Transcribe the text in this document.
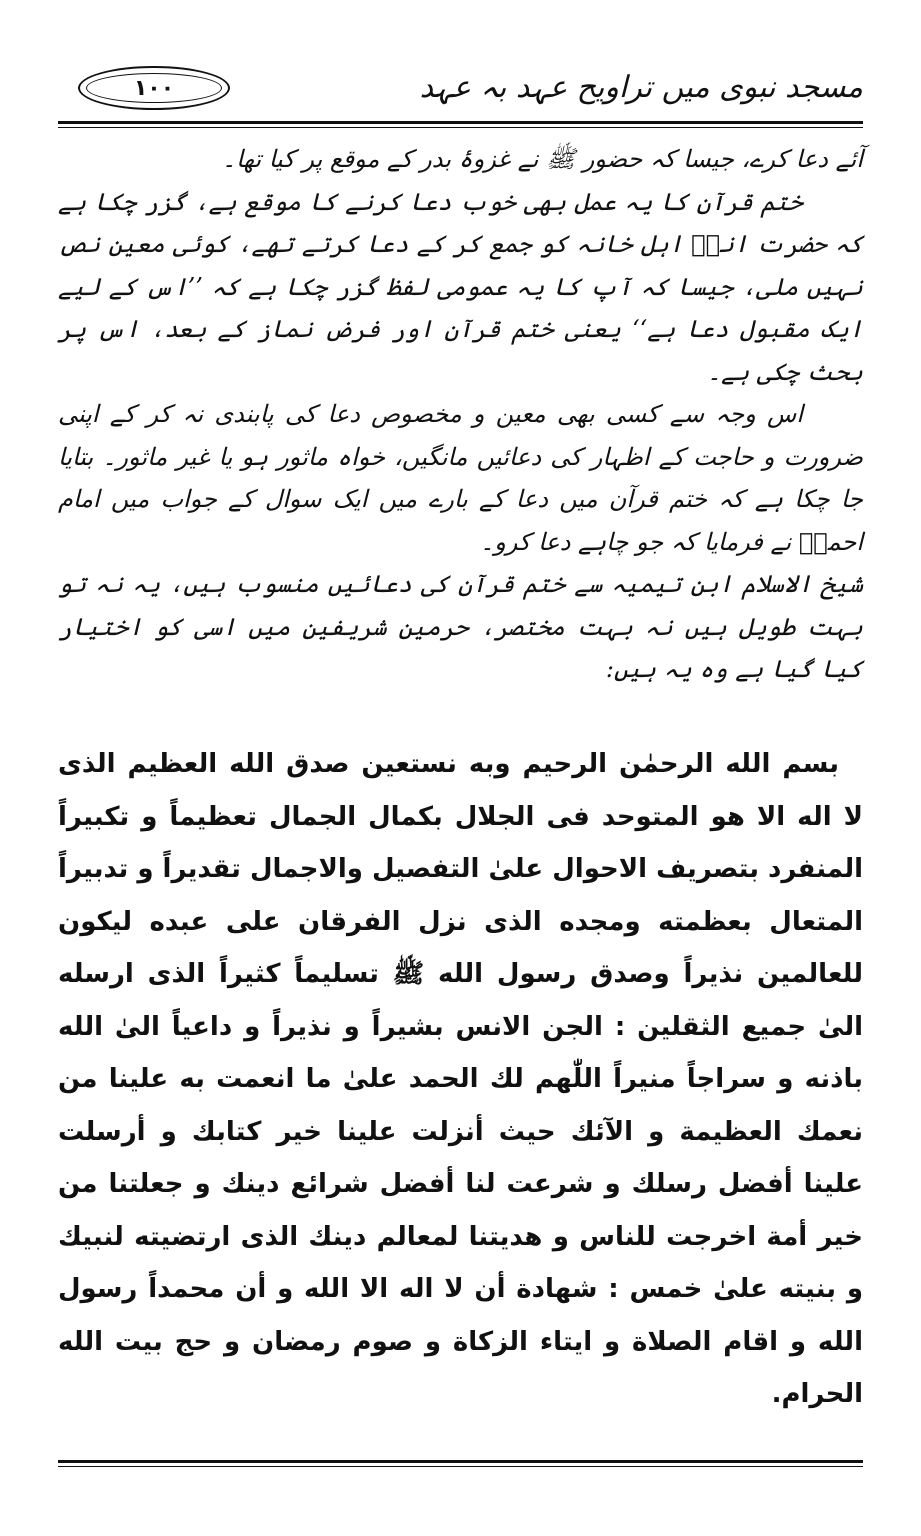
مسجد نبوی میں تراویح عہد بہ عہد
۱۰۰

آئے دعا کرے، جیسا کہ حضور ﷺ نے غزوۂ بدر کے موقع پر کیا تھا۔

ختم قرآن کا یہ عمل بھی خوب دعا کرنے کا موقع ہے، گزر چکا ہے کہ حضرت انسؓ اہل خانہ کو جمع کر کے دعا کرتے تھے، کوئی معین نص نہیں ملی، جیسا کہ آپ کا یہ عمومی لفظ گزر چکا ہے کہ ’’اس کے لیے ایک مقبول دعا ہے‘‘ یعنی ختم قرآن اور فرض نماز کے بعد، اس پر بحث چکی ہے۔

اس وجہ سے کسی بھی معین و مخصوص دعا کی پابندی نہ کر کے اپنی ضرورت و حاجت کے اظہار کی دعائیں مانگیں، خواہ ماثور ہو یا غیر ماثور۔ بتایا جا چکا ہے کہ ختم قرآن میں دعا کے بارے میں ایک سوال کے جواب میں امام احمدؒ نے فرمایا کہ جو چاہے دعا کرو۔

شیخ الاسلام ابن تیمیہ سے ختم قرآن کی دعائیں منسوب ہیں، یہ نہ تو بہت طویل ہیں نہ بہت مختصر، حرمین شریفین میں اسی کو اختیار کیا گیا ہے وہ یہ ہیں:

بسم الله الرحمٰن الرحيم وبه نستعين صدق الله العظيم الذى لا اله الا هو المتوحد فى الجلال بكمال الجمال تعظيماً و تكبيراً المنفرد بتصريف الاحوال علىٰ التفصيل والاجمال تقديراً و تدبيراً المتعال بعظمته ومجده الذى نزل الفرقان على عبده ليكون للعالمين نذيراً وصدق رسول الله ﷺ تسليماً كثيراً الذى ارسله الىٰ جميع الثقلين : الجن الانس بشيراً و نذيراً و داعياً الىٰ الله باذنه و سراجاً منيراً اللّٰهم لك الحمد علىٰ ما انعمت به علينا من نعمك العظيمة و الآئك حيث أنزلت علينا خير كتابك و أرسلت علينا أفضل رسلك و شرعت لنا أفضل شرائع دينك و جعلتنا من خير أمة اخرجت للناس و هديتنا لمعالم دينك الذى ارتضيته لنبيك و بنيته علىٰ خمس : شهادة أن لا اله الا الله و أن محمداً رسول الله و اقام الصلاة و ايتاء الزكاة و صوم رمضان و حج بيت الله الحرام.
